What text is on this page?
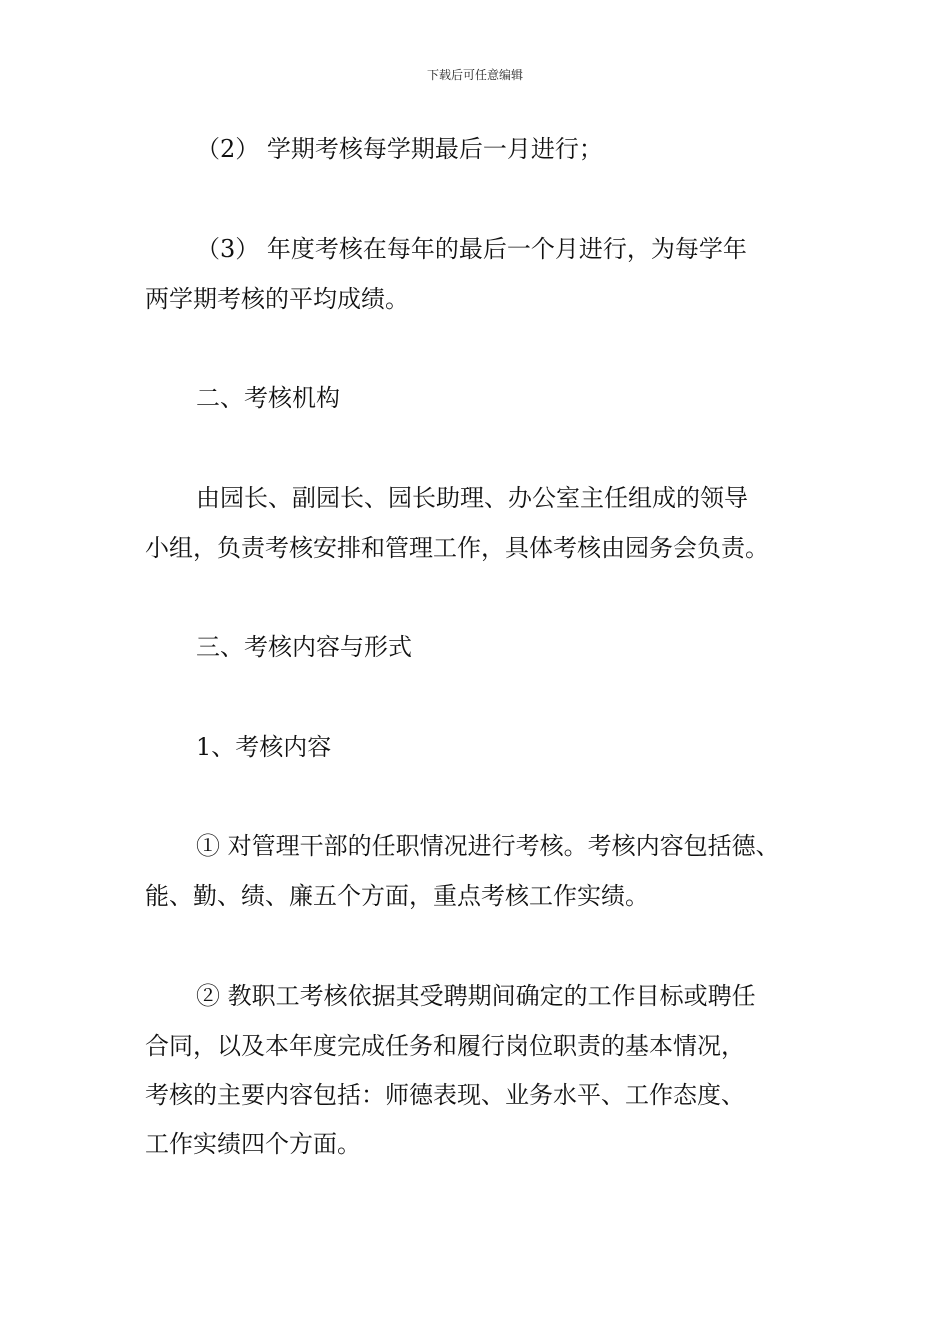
下载后可任意编辑
（2） 学期考核每学期最后一月进行；
（3） 年度考核在每年的最后一个月进行，为每学年
两学期考核的平均成绩。
二、考核机构
由园长、副园长、园长助理、办公室主任组成的领导
小组，负责考核安排和管理工作，具体考核由园务会负责。
三、考核内容与形式
1、考核内容
① 对管理干部的任职情况进行考核。考核内容包括德、
能、勤、绩、廉五个方面，重点考核工作实绩。
② 教职工考核依据其受聘期间确定的工作目标或聘任
合同，以及本年度完成任务和履行岗位职责的基本情况，
考核的主要内容包括：师德表现、业务水平、工作态度、
工作实绩四个方面。
